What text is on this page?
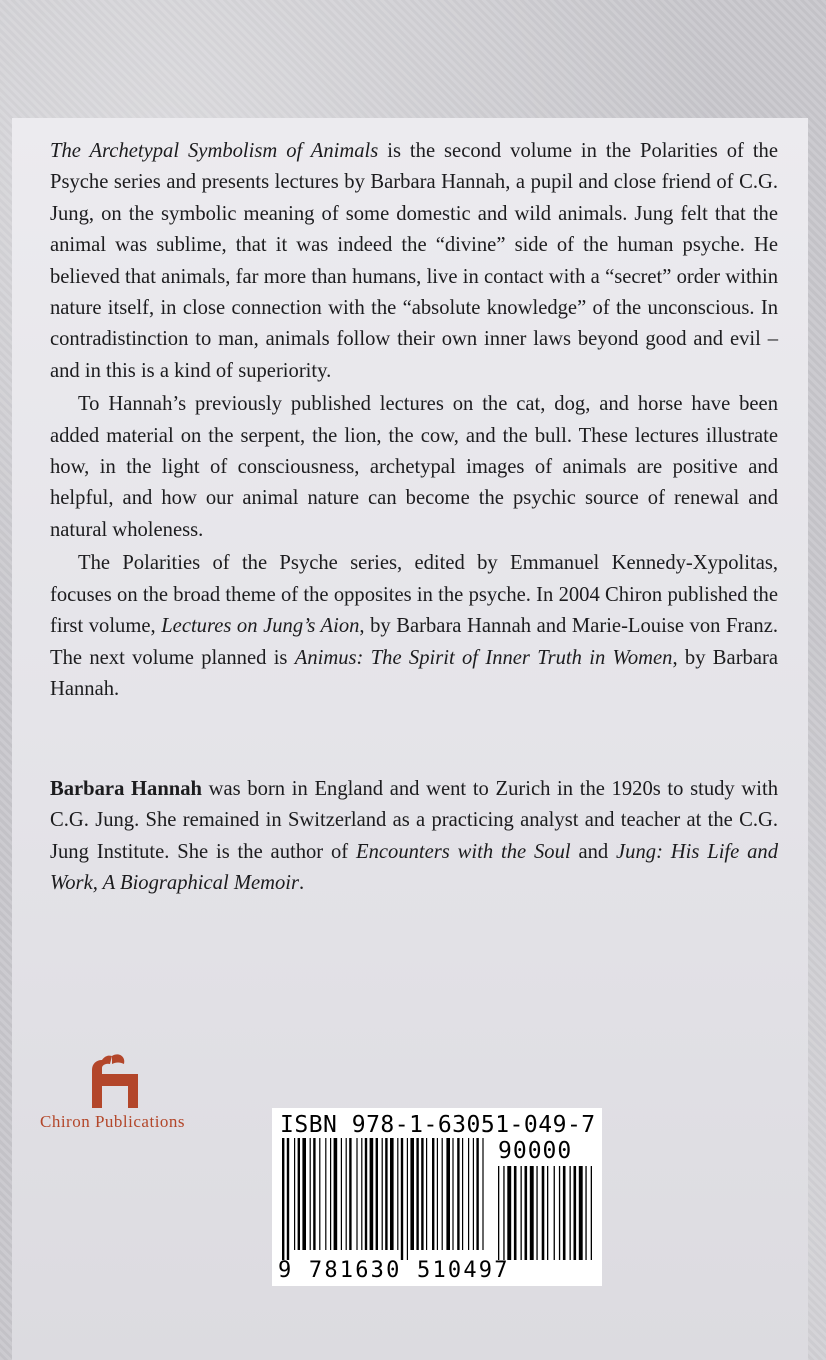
The Archetypal Symbolism of Animals is the second volume in the Polarities of the Psyche series and presents lectures by Barbara Hannah, a pupil and close friend of C.G. Jung, on the symbolic meaning of some domestic and wild animals. Jung felt that the animal was sublime, that it was indeed the “divine” side of the human psyche. He believed that animals, far more than humans, live in contact with a “secret” order within nature itself, in close connection with the “absolute knowledge” of the unconscious. In contradistinction to man, animals follow their own inner laws beyond good and evil – and in this is a kind of superiority.

To Hannah’s previously published lectures on the cat, dog, and horse have been added material on the serpent, the lion, the cow, and the bull. These lectures illustrate how, in the light of consciousness, archetypal images of animals are positive and helpful, and how our animal nature can become the psychic source of renewal and natural wholeness.

The Polarities of the Psyche series, edited by Emmanuel Kennedy-Xypolitas, focuses on the broad theme of the opposites in the psyche. In 2004 Chiron published the first volume, Lectures on Jung’s Aion, by Barbara Hannah and Marie-Louise von Franz. The next volume planned is Animus: The Spirit of Inner Truth in Women, by Barbara Hannah.

Barbara Hannah was born in England and went to Zurich in the 1920s to study with C.G. Jung. She remained in Switzerland as a practicing analyst and teacher at the C.G. Jung Institute. She is the author of Encounters with the Soul and Jung: His Life and Work, A Biographical Memoir.

Chiron Publications	ISBN 978-1-63051-049-7
90000
9 781630 510497
